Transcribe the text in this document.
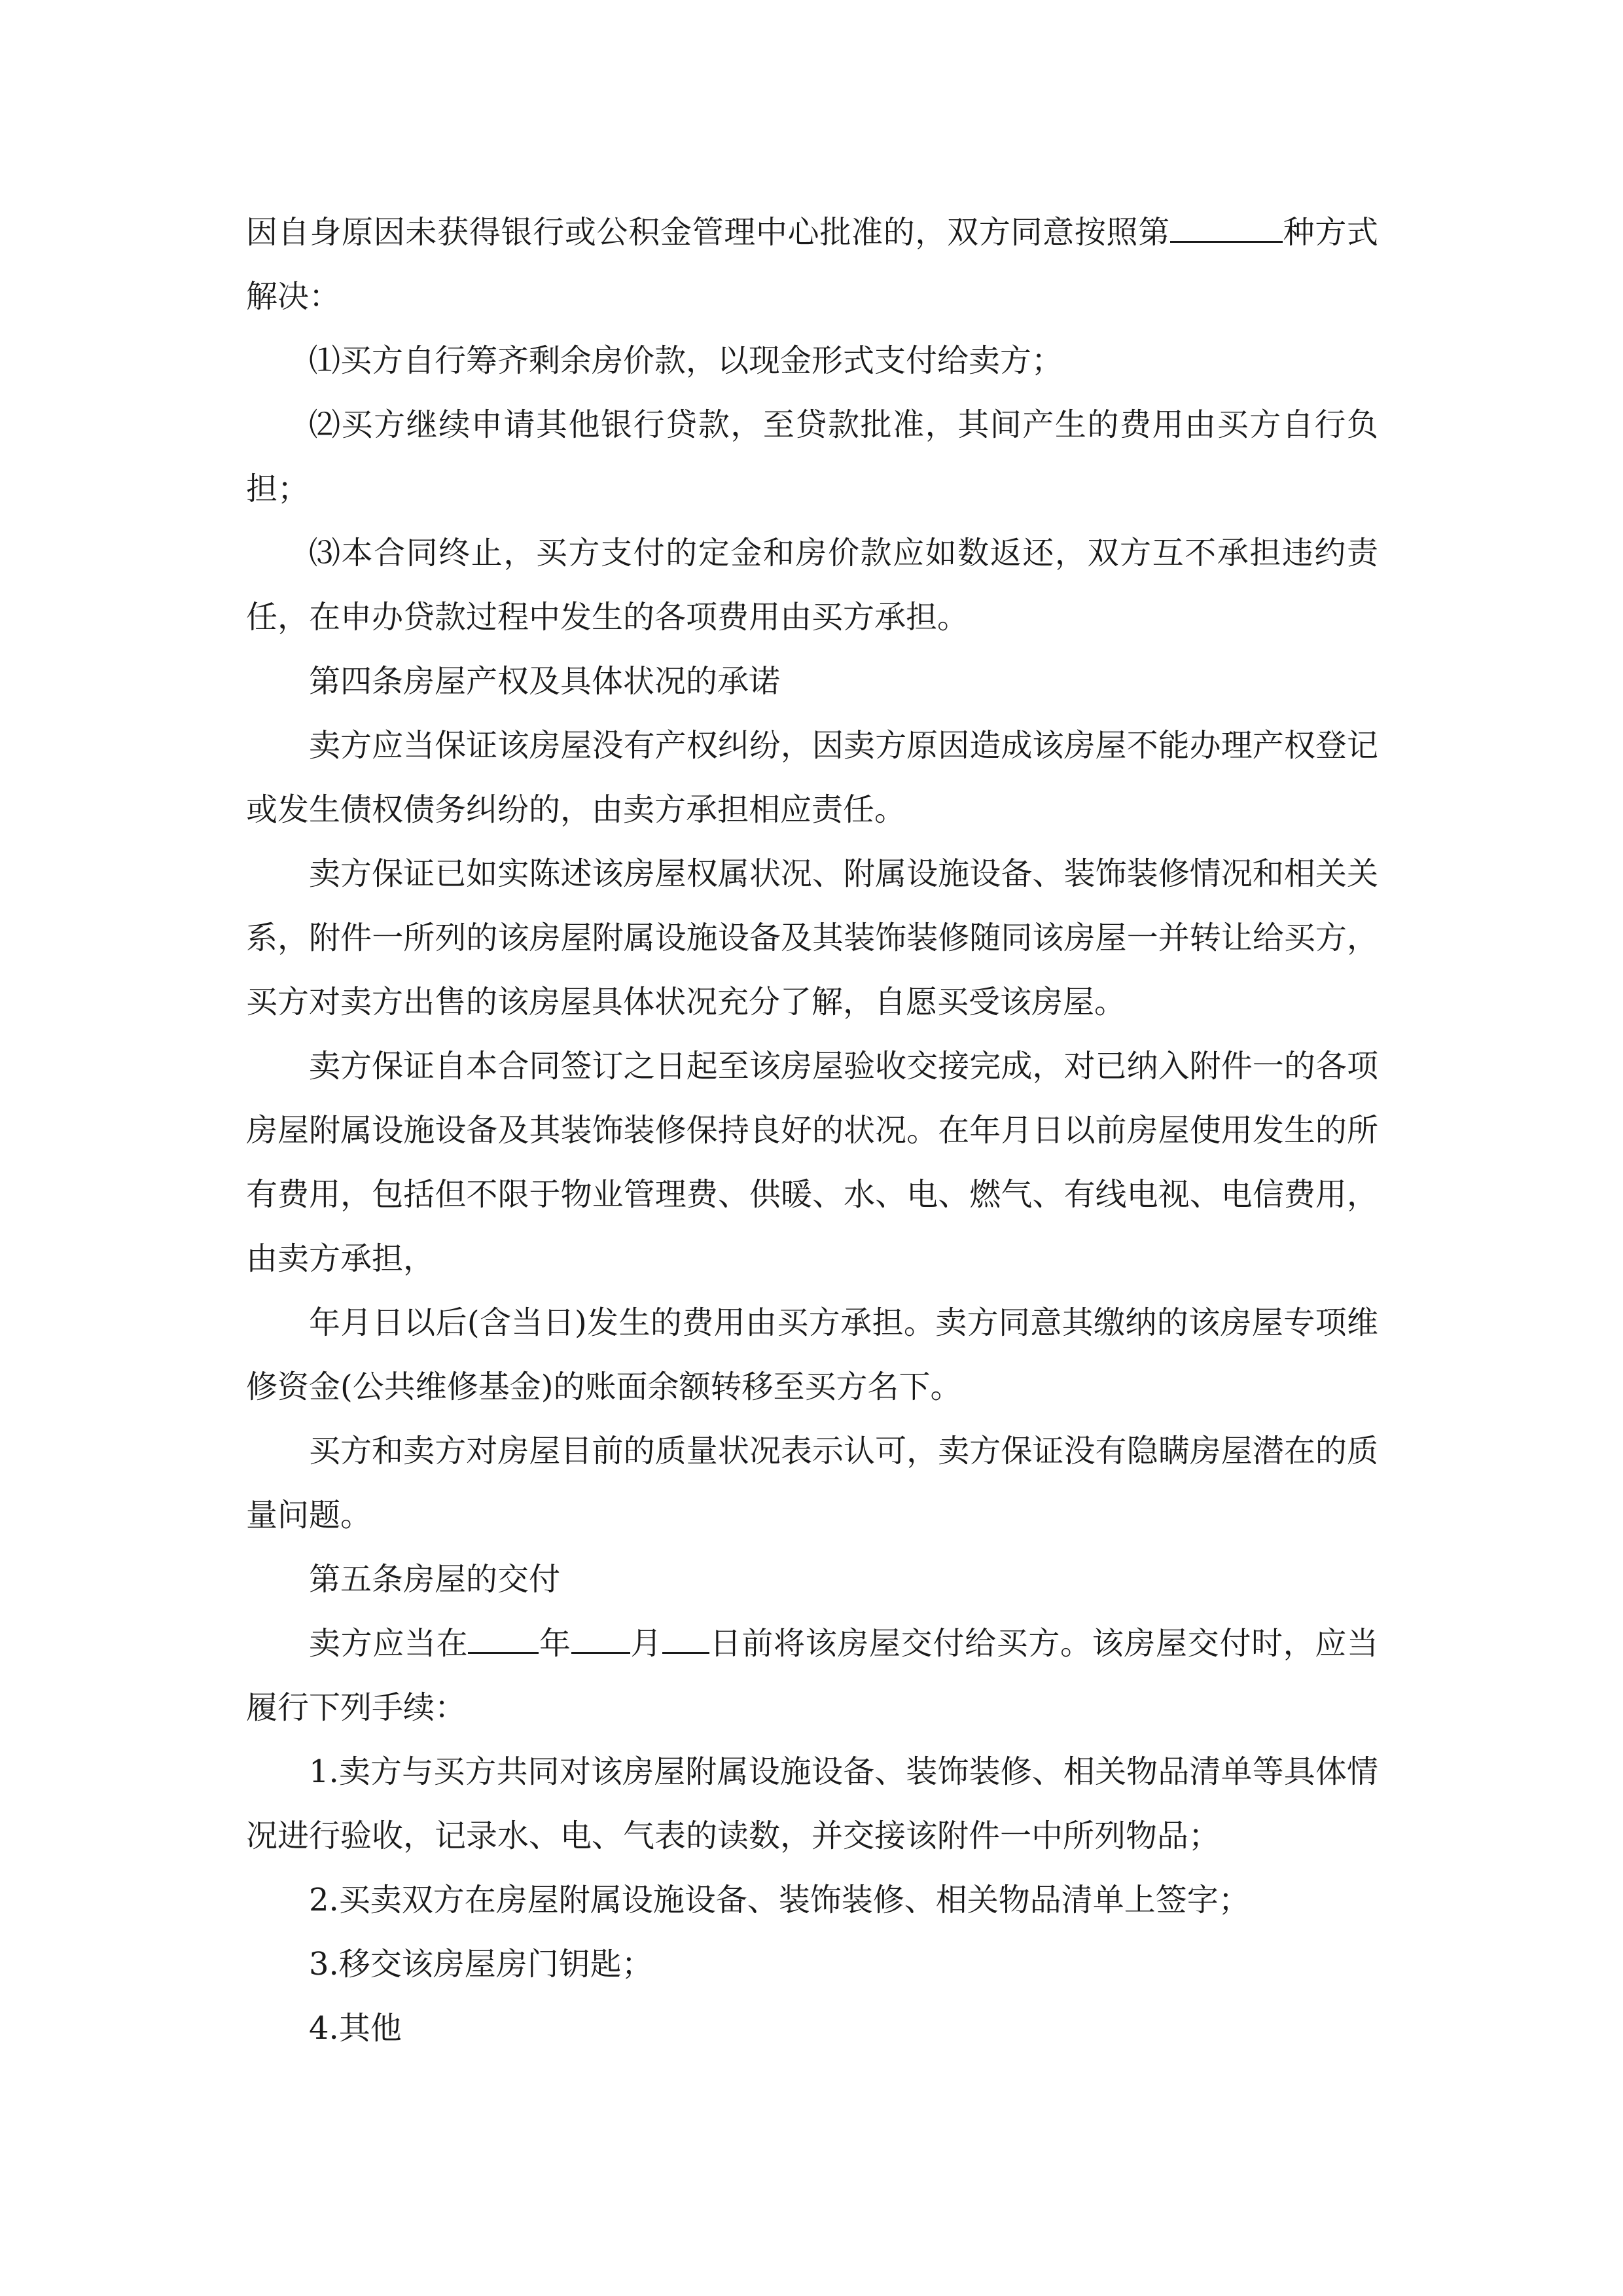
因自身原因未获得银行或公积金管理中心批准的，双方同意按照第	种方式解决：

⑴买方自行筹齐剩余房价款，以现金形式支付给卖方；

⑵买方继续申请其他银行贷款，至贷款批准，其间产生的费用由买方自行负担；

⑶本合同终止，买方支付的定金和房价款应如数返还，双方互不承担违约责任，在申办贷款过程中发生的各项费用由买方承担。

第四条房屋产权及具体状况的承诺

卖方应当保证该房屋没有产权纠纷，因卖方原因造成该房屋不能办理产权登记或发生债权债务纠纷的，由卖方承担相应责任。

卖方保证已如实陈述该房屋权属状况、附属设施设备、装饰装修情况和相关关系，附件一所列的该房屋附属设施设备及其装饰装修随同该房屋一并转让给买方，买方对卖方出售的该房屋具体状况充分了解，自愿买受该房屋。

卖方保证自本合同签订之日起至该房屋验收交接完成，对已纳入附件一的各项房屋附属设施设备及其装饰装修保持良好的状况。在年月日以前房屋使用发生的所有费用，包括但不限于物业管理费、供暖、水、电、燃气、有线电视、电信费用，由卖方承担，

年月日以后(含当日)发生的费用由买方承担。卖方同意其缴纳的该房屋专项维修资金(公共维修基金)的账面余额转移至买方名下。

买方和卖方对房屋目前的质量状况表示认可，卖方保证没有隐瞒房屋潜在的质量问题。

第五条房屋的交付

卖方应当在 年 月 日前将该房屋交付给买方。该房屋交付时，应当履行下列手续：

1.卖方与买方共同对该房屋附属设施设备、装饰装修、相关物品清单等具体情况进行验收，记录水、电、气表的读数，并交接该附件一中所列物品；

2.买卖双方在房屋附属设施设备、装饰装修、相关物品清单上签字；

3.移交该房屋房门钥匙；

4.其他
